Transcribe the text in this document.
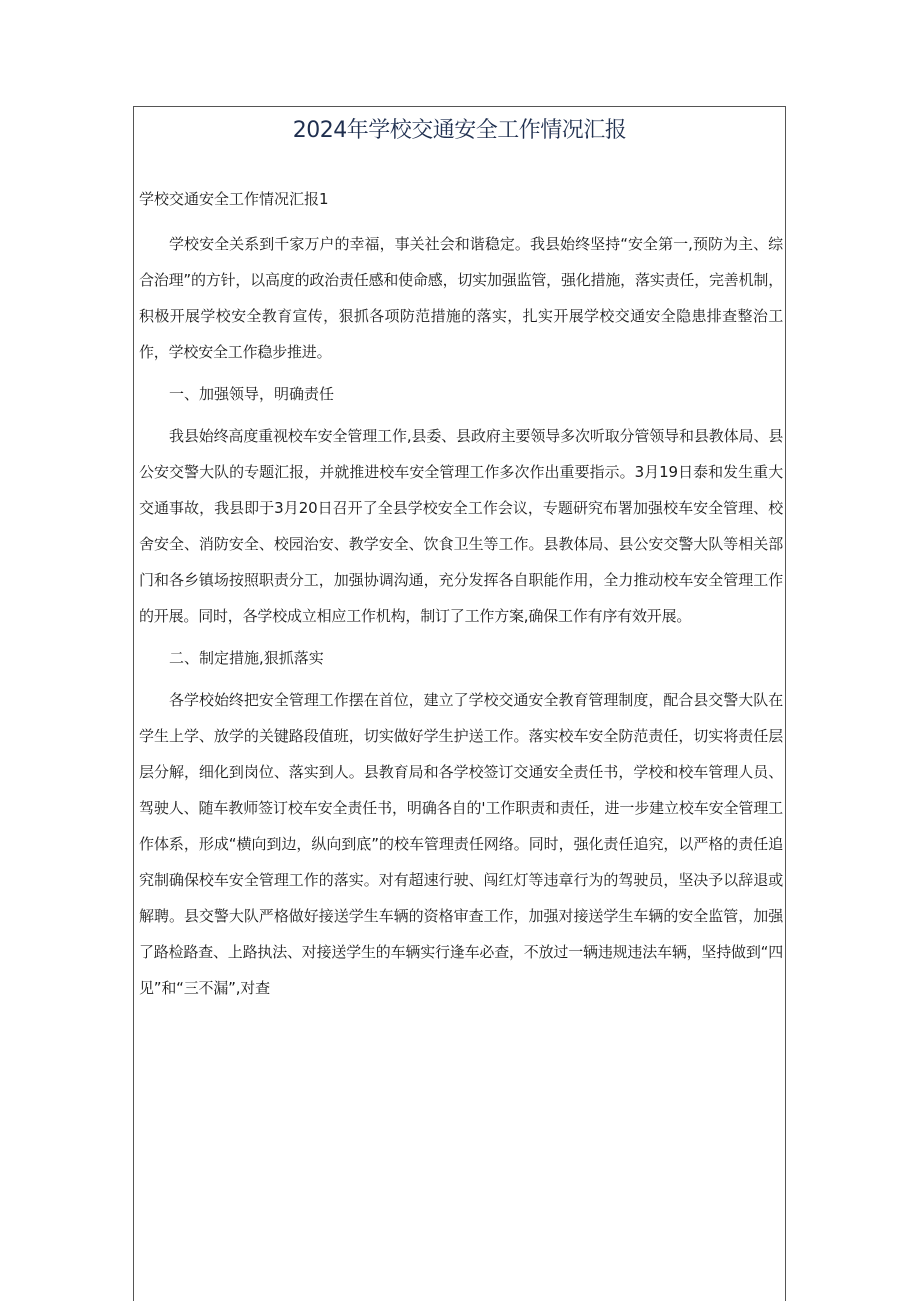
2024年学校交通安全工作情况汇报
学校交通安全工作情况汇报1

学校安全关系到千家万户的幸福，事关社会和谐稳定。我县始终坚持“安全第一,预防为主、综合治理”的方针，以高度的政治责任感和使命感，切实加强监管，强化措施，落实责任，完善机制，积极开展学校安全教育宣传，狠抓各项防范措施的落实，扎实开展学校交通安全隐患排查整治工作，学校安全工作稳步推进。

一、加强领导，明确责任

我县始终高度重视校车安全管理工作,县委、县政府主要领导多次听取分管领导和县教体局、县公安交警大队的专题汇报，并就推进校车安全管理工作多次作出重要指示。3月19日泰和发生重大交通事故，我县即于3月20日召开了全县学校安全工作会议，专题研究布署加强校车安全管理、校舍安全、消防安全、校园治安、教学安全、饮食卫生等工作。县教体局、县公安交警大队等相关部门和各乡镇场按照职责分工，加强协调沟通，充分发挥各自职能作用，全力推动校车安全管理工作的开展。同时，各学校成立相应工作机构，制订了工作方案,确保工作有序有效开展。

二、制定措施,狠抓落实

各学校始终把安全管理工作摆在首位，建立了学校交通安全教育管理制度，配合县交警大队在学生上学、放学的关键路段值班，切实做好学生护送工作。落实校车安全防范责任，切实将责任层层分解，细化到岗位、落实到人。县教育局和各学校签订交通安全责任书，学校和校车管理人员、驾驶人、随车教师签订校车安全责任书，明确各自的'工作职责和责任，进一步建立校车安全管理工作体系，形成“横向到边，纵向到底”的校车管理责任网络。同时，强化责任追究，以严格的责任追究制确保校车安全管理工作的落实。对有超速行驶、闯红灯等违章行为的驾驶员，坚决予以辞退或解聘。县交警大队严格做好接送学生车辆的资格审查工作，加强对接送学生车辆的安全监管，加强了路检路查、上路执法、对接送学生的车辆实行逢车必查，不放过一辆违规违法车辆，坚持做到“四见”和“三不漏”,对查
